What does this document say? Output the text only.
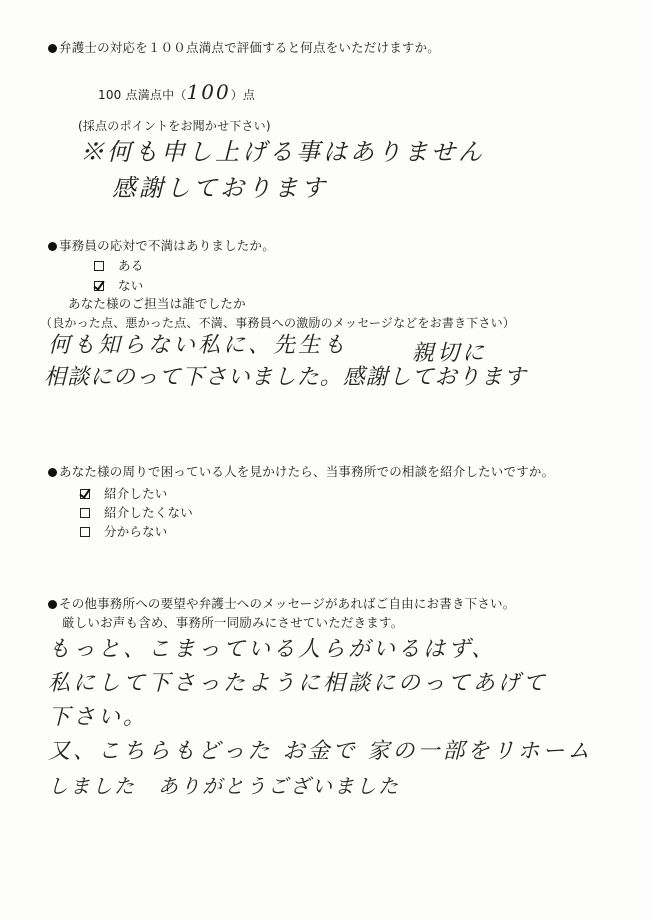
弁護士の対応を１００点満点で評価すると何点をいただけますか。
100 点満点中（100）点
(採点のポイントをお聞かせ下さい)
※何も申し上げる事はありません
感謝しております
事務員の応対で不満はありましたか。
ある
ない
あなた様のご担当は誰でしたか
（良かった点、悪かった点、不満、事務員への激励のメッセージなどをお書き下さい）
何も知らない私に、先生も	親切に
相談にのって下さいました。感謝しております
あなた様の周りで困っている人を見かけたら、当事務所での相談を紹介したいですか。
紹介したい
紹介したくない
分からない
その他事務所への要望や弁護士へのメッセージがあればご自由にお書き下さい。
厳しいお声も含め、事務所一同励みにさせていただきます。
もっと、こまっている人らがいるはず、
私にして下さったように相談にのってあげて
下さい。
又、こちらもどった お金で 家の一部をリホーム
しました　ありがとうございました
